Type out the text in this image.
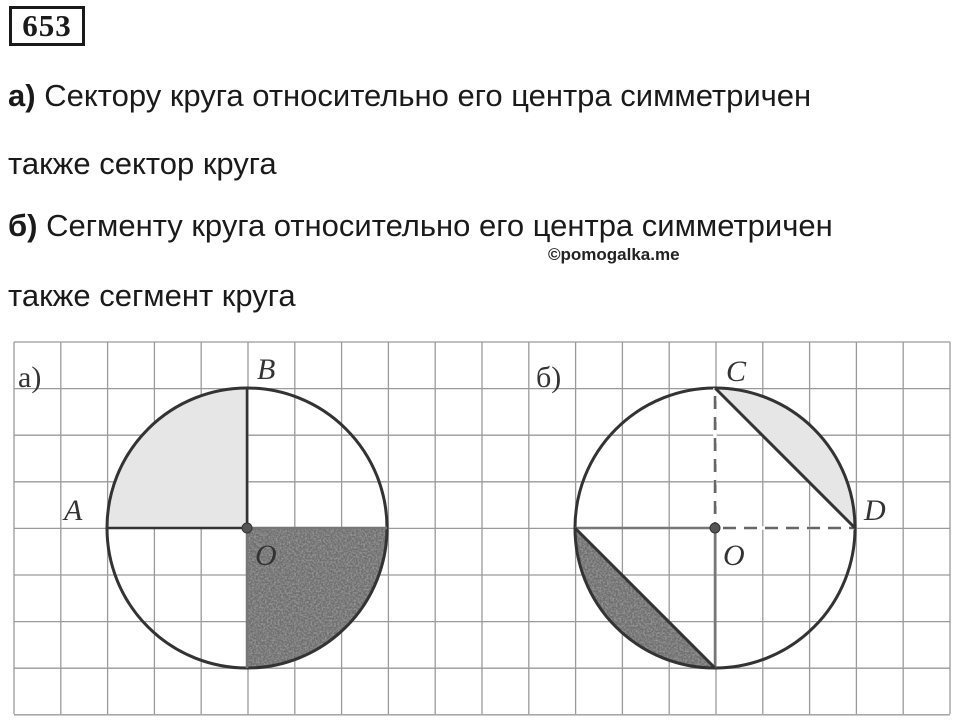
653
а) Сектору круга относительно его центра симметричен
также сектор круга
б) Сегменту круга относительно его центра симметричен
©pomogalka.me
также сегмент круга
а)
A
B
O
б)	C
D
O
